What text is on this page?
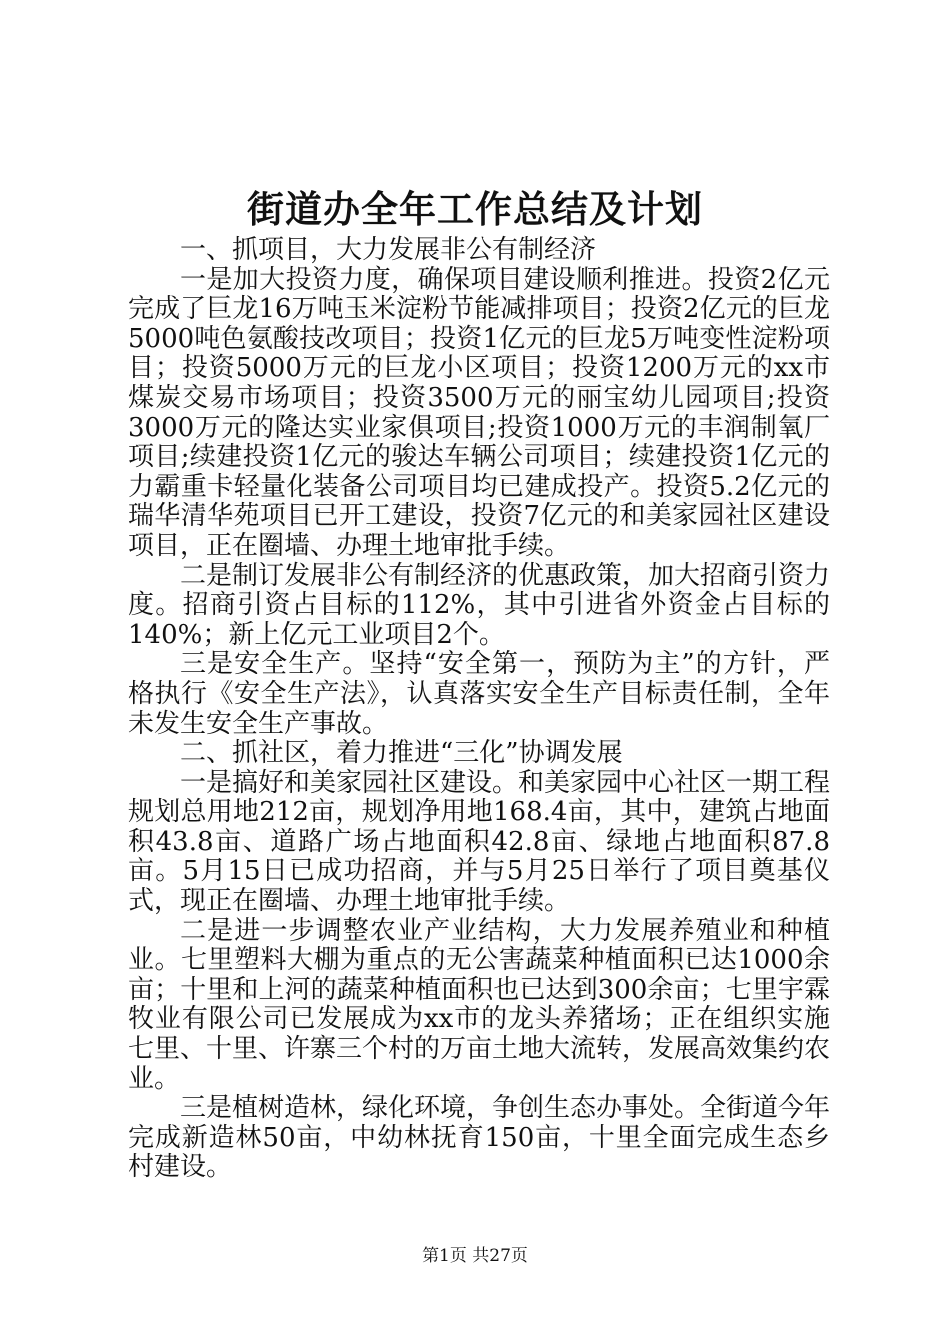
街道办全年工作总结及计划

一、抓项目，大力发展非公有制经济

一是加大投资力度，确保项目建设顺利推进。投资2亿元完成了巨龙16万吨玉米淀粉节能减排项目；投资2亿元的巨龙5000吨色氨酸技改项目；投资1亿元的巨龙5万吨变性淀粉项目；投资5000万元的巨龙小区项目；投资1200万元的xx市煤炭交易市场项目；投资3500万元的丽宝幼儿园项目;投资3000万元的隆达实业家俱项目;投资1000万元的丰润制氧厂项目;续建投资1亿元的骏达车辆公司项目；续建投资1亿元的力霸重卡轻量化装备公司项目均已建成投产。投资5.2亿元的瑞华清华苑项目已开工建设，投资7亿元的和美家园社区建设项目，正在圈墙、办理土地审批手续。

二是制订发展非公有制经济的优惠政策，加大招商引资力度。招商引资占目标的112%，其中引进省外资金占目标的140%；新上亿元工业项目2个。

三是安全生产。坚持“安全第一，预防为主”的方针，严格执行《安全生产法》，认真落实安全生产目标责任制，全年未发生安全生产事故。

二、抓社区，着力推进“三化”协调发展

一是搞好和美家园社区建设。和美家园中心社区一期工程规划总用地212亩，规划净用地168.4亩，其中，建筑占地面积43.8亩、道路广场占地面积42.8亩、绿地占地面积87.8亩。5月15日已成功招商，并与5月25日举行了项目奠基仪式，现正在圈墙、办理土地审批手续。

二是进一步调整农业产业结构，大力发展养殖业和种植业。七里塑料大棚为重点的无公害蔬菜种植面积已达1000余亩；十里和上河的蔬菜种植面积也已达到300余亩；七里宇霖牧业有限公司已发展成为xx市的龙头养猪场；正在组织实施七里、十里、许寨三个村的万亩土地大流转，发展高效集约农业。

三是植树造林，绿化环境，争创生态办事处。全街道今年完成新造林50亩，中幼林抚育150亩，十里全面完成生态乡村建设。

第1页 共27页
